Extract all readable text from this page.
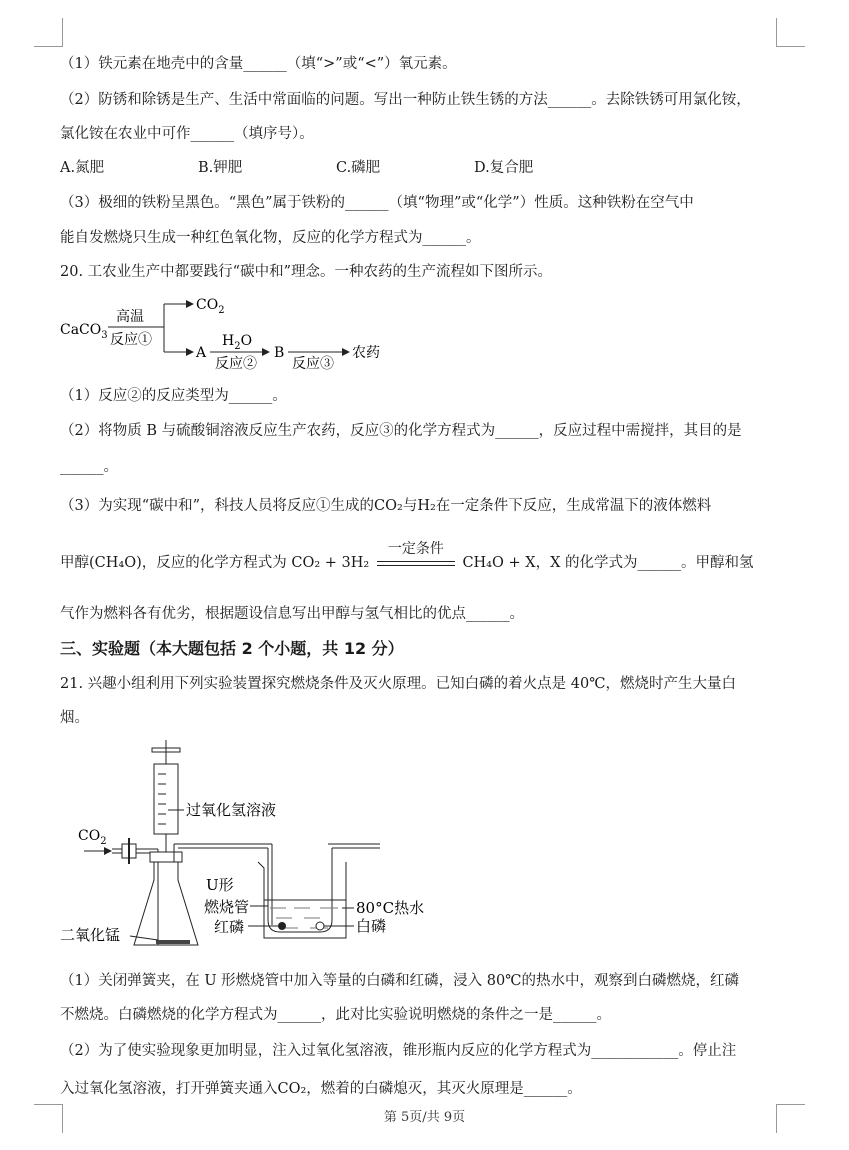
（1）铁元素在地壳中的含量______（填“>”或“<”）氧元素。
（2）防锈和除锈是生产、生活中常面临的问题。写出一种防止铁生锈的方法______。去除铁锈可用氯化铵，
氯化铵在农业中可作______（填序号）。
A.氮肥	B.钾肥	C.磷肥	D.复合肥
（3）极细的铁粉呈黑色。“黑色”属于铁粉的______（填“物理”或“化学”）性质。这种铁粉在空气中
能自发燃烧只生成一种红色氧化物，反应的化学方程式为______。
20. 工农业生产中都要践行“碳中和”理念。一种农药的生产流程如下图所示。
CaCO$_3$
高温
反应①
$CO_2$
A
$H_2O$
反应②
B
反应③
农药
（1）反应②的反应类型为______。
（2）将物质 B 与硫酸铜溶液反应生产农药，反应③的化学方程式为______，反应过程中需搅拌，其目的是
______。
（3）为实现“碳中和”，科技人员将反应①生成的CO₂与H₂在一定条件下反应，生成常温下的液体燃料
甲醇(CH₄O)，反应的化学方程式为 CO₂ + 3H₂
一定条件
CH₄O + X，X 的化学式为______。甲醇和氢
气作为燃料各有优劣，根据题设信息写出甲醇与氢气相比的优点______。
三、实验题（本大题包括 2 个小题，共 12 分）
21. 兴趣小组利用下列实验装置探究燃烧条件及灭火原理。已知白磷的着火点是 40℃，燃烧时产生大量白
烟。
过氧化氢溶液
$CO_2$
U形
燃烧管
红磷
80°C热水
白磷
二氧化锰
（1）关闭弹簧夹，在 U 形燃烧管中加入等量的白磷和红磷，浸入 80℃的热水中，观察到白磷燃烧，红磷
不燃烧。白磷燃烧的化学方程式为______，此对比实验说明燃烧的条件之一是______。
（2）为了使实验现象更加明显，注入过氧化氢溶液，锥形瓶内反应的化学方程式为____________。停止注
入过氧化氢溶液，打开弹簧夹通入CO₂，燃着的白磷熄灭，其灭火原理是______。
第 5页/共 9页
